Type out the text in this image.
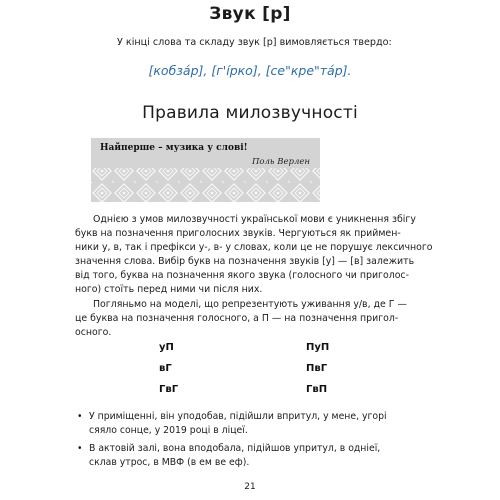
Звук [р]
У кінці слова та складу звук [р] вимовляється твердо:
[кобзáр], [г'íрко], [се"кре"тáр].
Правила милозвучності
Найперше – музика у слові!
Поль Верлен

Однією з умов милозвучності української мови є уникнення збігу
букв на позначення приголосних звуків. Чергуються як приймен-
ники у, в, так і префікси у-, в- у словах, коли це не порушує лексичного
значення слова. Вибір букв на позначення звуків [у] — [в] залежить
від того, буква на позначення якого звука (голосного чи приголос-
ного) стоїть перед ними чи після них.

Погляньмо на моделі, що репрезентують уживання у/в, де Г —
це буква на позначення голосного, а П — на позначення пригол-
осного.

уП	ПуП
вГ	ПвГ
ГвГ	ГвП
• У приміщенні, він уподобав, підійшли впритул, у мене, угорі
сяяло сонце, у 2019 році в ліцеї.
• В актовій залі, вона вподобала, підійшов упритул, в одніеї,
склав утрос, в МВФ (в ем ве еф).
21
